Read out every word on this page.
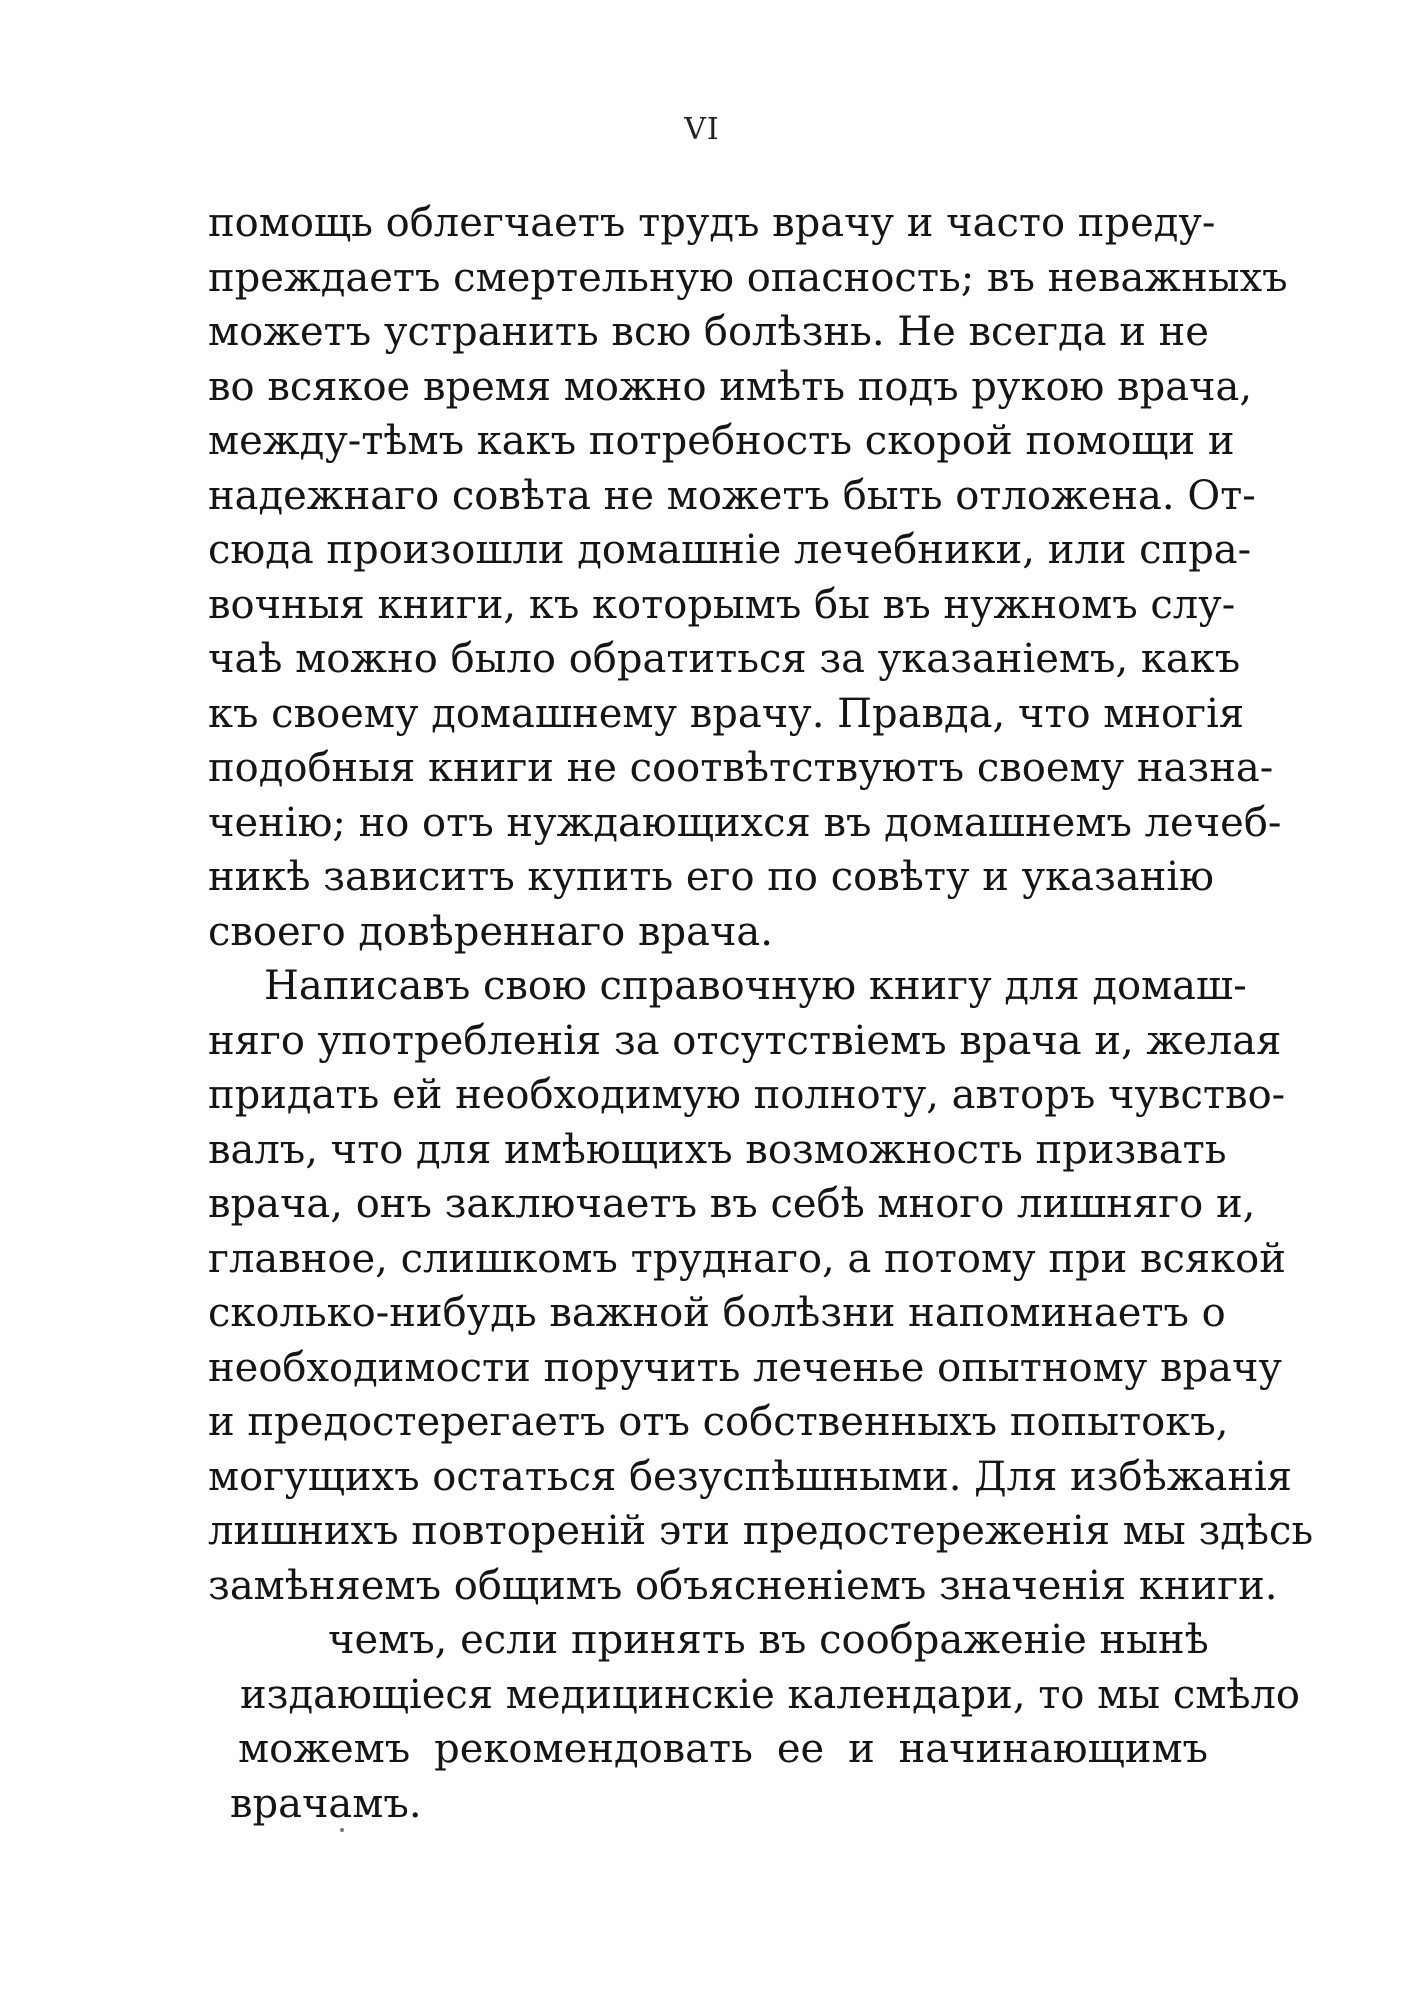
VI
помощь облегчаетъ трудъ врачу и часто преду-
преждаетъ смертельную опасность; въ неважныхъ
можетъ устранить всю болѣзнь. Не всегда и не
во всякое время можно имѣть подъ рукою врача,
между-тѣмъ какъ потребность скорой помощи и
надежнаго совѣта не можетъ быть отложена. От-
сюда произошли домашніе лечебники, или спра-
вочныя книги, къ которымъ бы въ нужномъ слу-
чаѣ можно было обратиться за указаніемъ, какъ
къ своему домашнему врачу. Правда, что многія
подобныя книги не соотвѣтствуютъ своему назна-
ченію; но отъ нуждающихся въ домашнемъ лечеб-
никѣ зависитъ купить его по совѣту и указанію
своего довѣреннаго врача.
Написавъ свою справочную книгу для домаш-
няго употребленія за отсутствіемъ врача и, желая
придать ей необходимую полноту, авторъ чувство-
валъ, что для имѣющихъ возможность призвать
врача, онъ заключаетъ въ себѣ много лишняго и,
главное, слишкомъ труднаго, а потому при всякой
сколько-нибудь важной болѣзни напоминаетъ о
необходимости поручить леченье опытному врачу
и предостерегаетъ отъ собственныхъ попытокъ,
могущихъ остаться безуспѣшными. Для избѣжанія
лишнихъ повтореній эти предостереженія мы здѣсь
замѣняемъ общимъ объясненіемъ значенія книги.
чемъ, если принять въ соображеніе нынѣ
издающіеся медицинскіе календари, то мы смѣло
можемъ рекомендовать ее и начинающимъ
врачамъ.
